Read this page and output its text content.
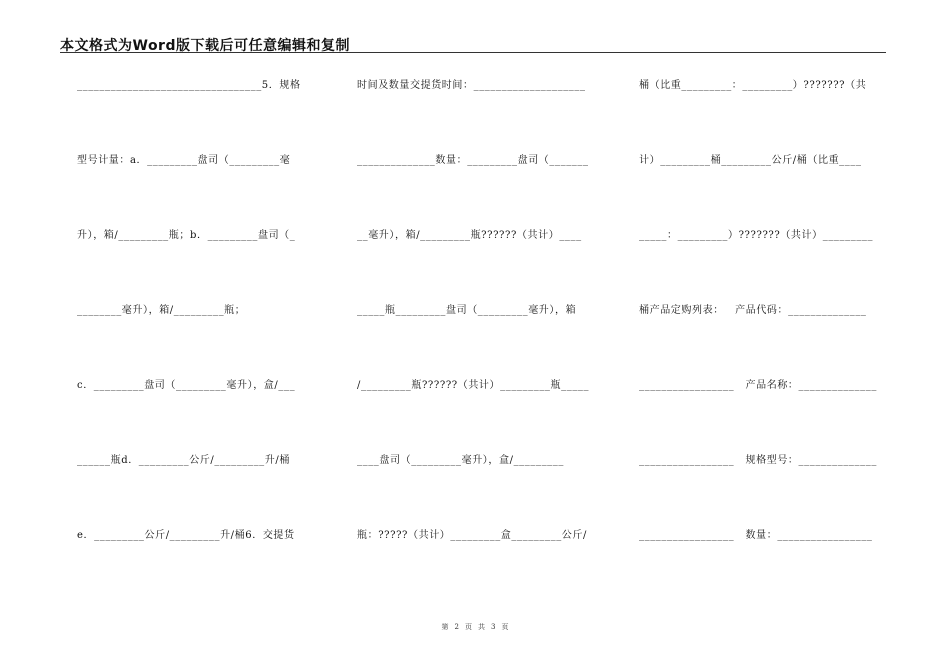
本文格式为Word版下载后可任意编辑和复制
_________________________________5．规格
型号计量：a．_________盘司（_________毫
升），箱/_________瓶；b．_________盘司（_
________毫升），箱/_________瓶；
c．_________盘司（_________毫升），盒/___
______瓶d．_________公斤/_________升/桶
e．_________公斤/_________升/桶6．交提货
时间及数量交提货时间：____________________
______________数量：_________盘司（_______
__毫升），箱/_________瓶??????（共计）____
_____瓶_________盘司（_________毫升），箱
/_________瓶??????（共计）_________瓶_____
____盘司（_________毫升），盒/_________
瓶：?????（共计）_________盒_________公斤/
桶（比重_________：_________）???????（共
计）_________桶_________公斤/桶（比重____
_____：_________）???????（共计）_________
桶产品定购列表：   产品代码：______________
_________________   产品名称：______________
_________________   规格型号：______________
_________________   数量：_________________
第 2 页 共 3 页
